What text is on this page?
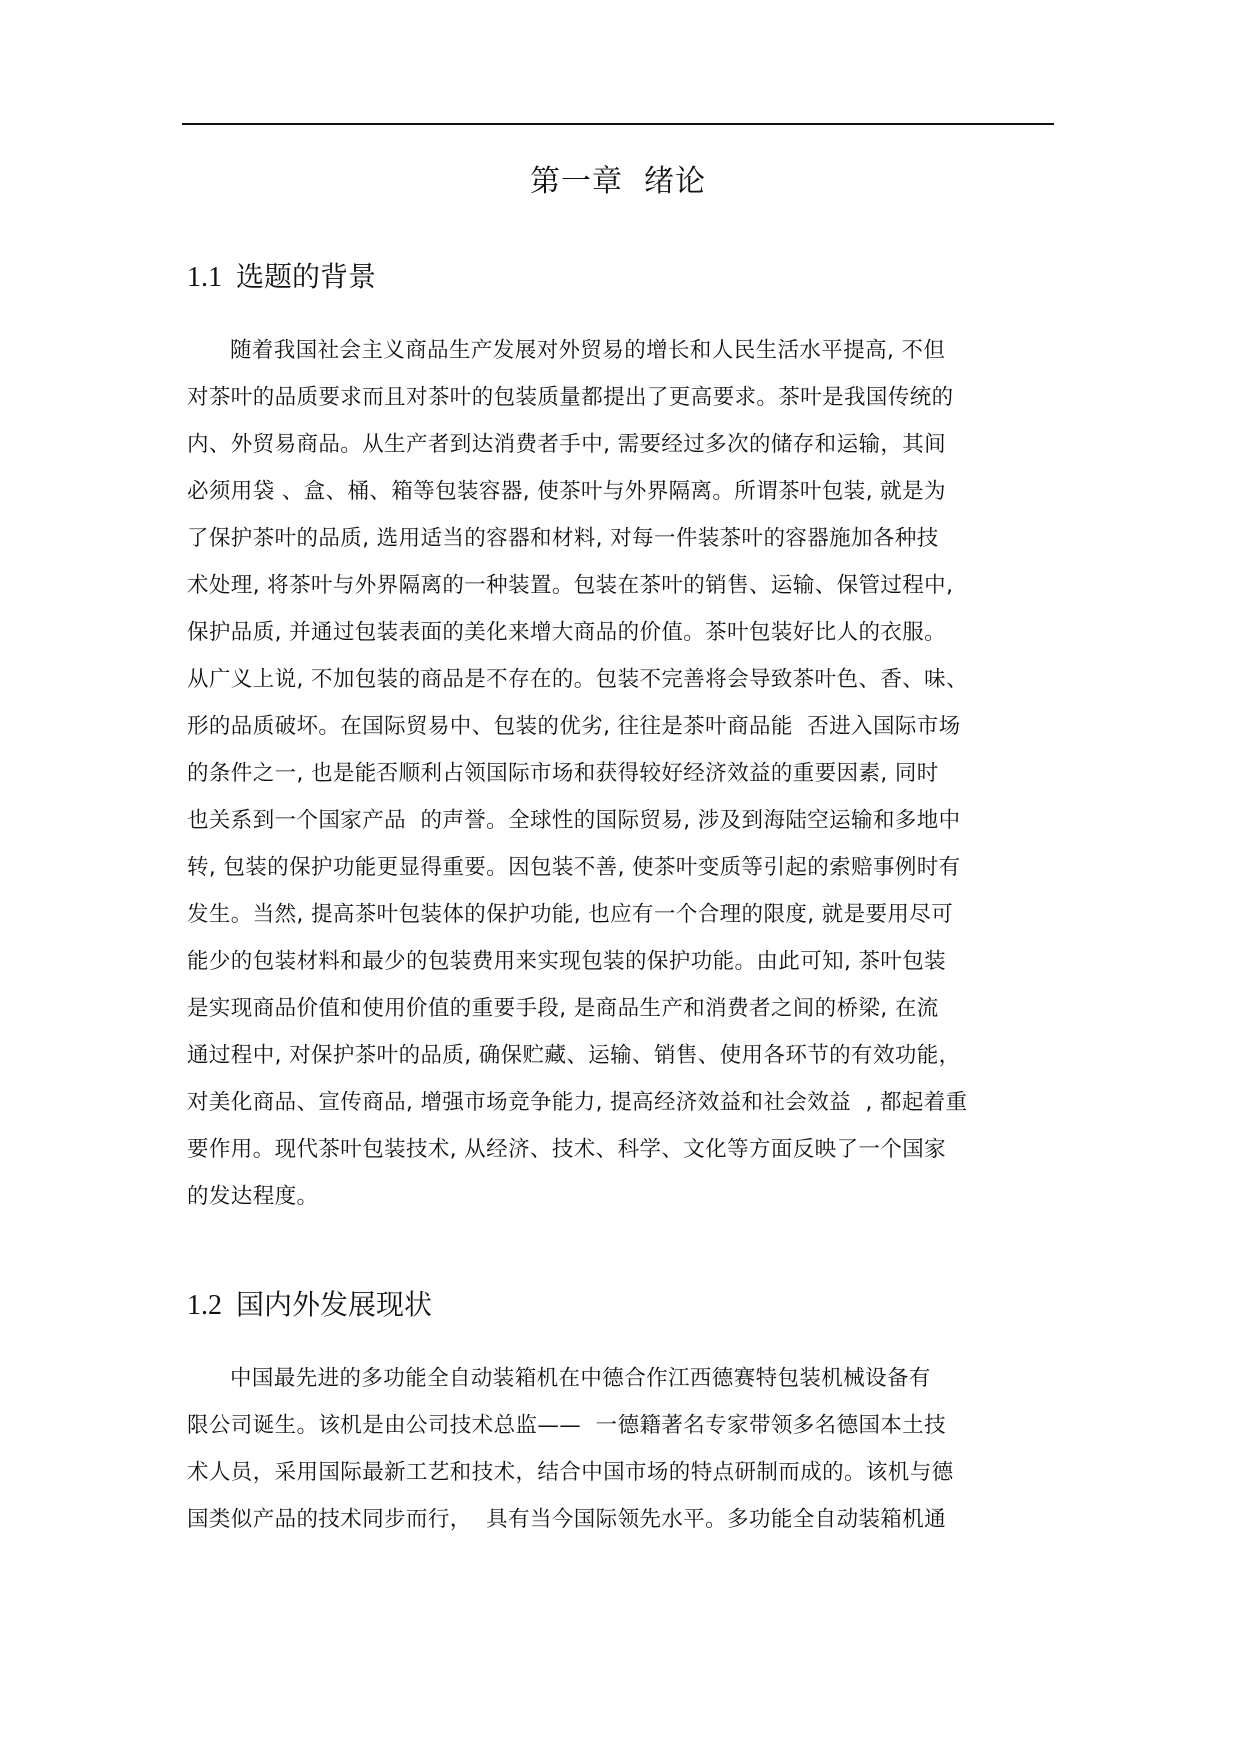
第一章  绪论
1.1 选题的背景
随着我国社会主义商品生产发展对外贸易的增长和人民生活水平提高, 不但
对茶叶的品质要求而且对茶叶的包装质量都提出了更高要求。茶叶是我国传统的
内、外贸易商品。从生产者到达消费者手中, 需要经过多次的储存和运输，其间
必须用袋 、盒、桶、箱等包装容器, 使茶叶与外界隔离。所谓茶叶包装, 就是为
了保护茶叶的品质, 选用适当的容器和材料, 对每一件装茶叶的容器施加各种技
术处理, 将茶叶与外界隔离的一种装置。包装在茶叶的销售、运输、保管过程中,
保护品质, 并通过包装表面的美化来增大商品的价值。茶叶包装好比人的衣服。
从广义上说, 不加包装的商品是不存在的。包装不完善将会导致茶叶色、香、味、
形的品质破坏。在国际贸易中、包装的优劣, 往往是茶叶商品能  否进入国际市场
的条件之一, 也是能否顺利占领国际市场和获得较好经济效益的重要因素, 同时
也关系到一个国家产品  的声誉。全球性的国际贸易, 涉及到海陆空运输和多地中
转, 包装的保护功能更显得重要。因包装不善, 使茶叶变质等引起的索赔事例时有
发生。当然, 提高茶叶包装体的保护功能, 也应有一个合理的限度, 就是要用尽可
能少的包装材料和最少的包装费用来实现包装的保护功能。由此可知, 茶叶包装
是实现商品价值和使用价值的重要手段, 是商品生产和消费者之间的桥梁, 在流
通过程中, 对保护茶叶的品质, 确保贮藏、运输、销售、使用各环节的有效功能，
对美化商品、宣传商品, 增强市场竞争能力, 提高经济效益和社会效益  , 都起着重
要作用。现代茶叶包装技术, 从经济、技术、科学、文化等方面反映了一个国家
的发达程度。
1.2 国内外发展现状
中国最先进的多功能全自动装箱机在中德合作江西德赛特包装机械设备有
限公司诞生。该机是由公司技术总监——  一德籍著名专家带领多名德国本土技
术人员，采用国际最新工艺和技术，结合中国市场的特点研制而成的。该机与德
国类似产品的技术同步而行，  具有当今国际领先水平。多功能全自动装箱机通
